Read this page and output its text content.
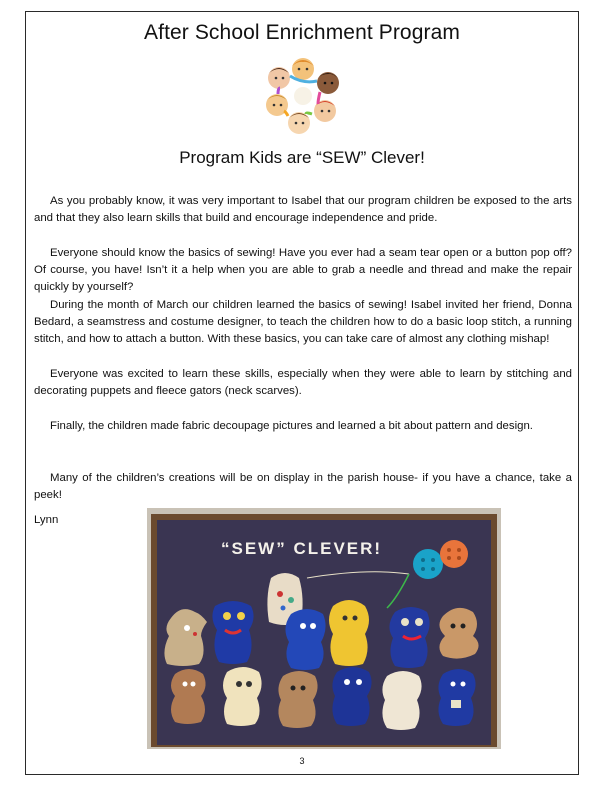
After School Enrichment Program
Program Kids are “SEW” Clever!

As you probably know, it was very important to Isabel that our program children be exposed to the arts and that they also learn skills that build and encourage independence and pride.

Everyone should know the basics of sewing! Have you ever had a seam tear open or a button pop off? Of course, you have! Isn’t it a help when you are able to grab a needle and thread and make the repair quickly by yourself?

During the month of March our children learned the basics of sewing! Isabel invited her friend, Donna Bedard, a seamstress and costume designer, to teach the children how to do a basic loop stitch, a running stitch, and how to attach a button. With these basics, you can take care of almost any clothing mishap!

Everyone was excited to learn these skills, especially when they were able to learn by stitching and decorating puppets and fleece gators (neck scarves).

Finally, the children made fabric decoupage pictures and learned a bit about pattern and design.

Many of the children’s creations will be on display in the parish house- if you have a chance, take a peek!

Lynn
“SEW” CLEVER!
3
